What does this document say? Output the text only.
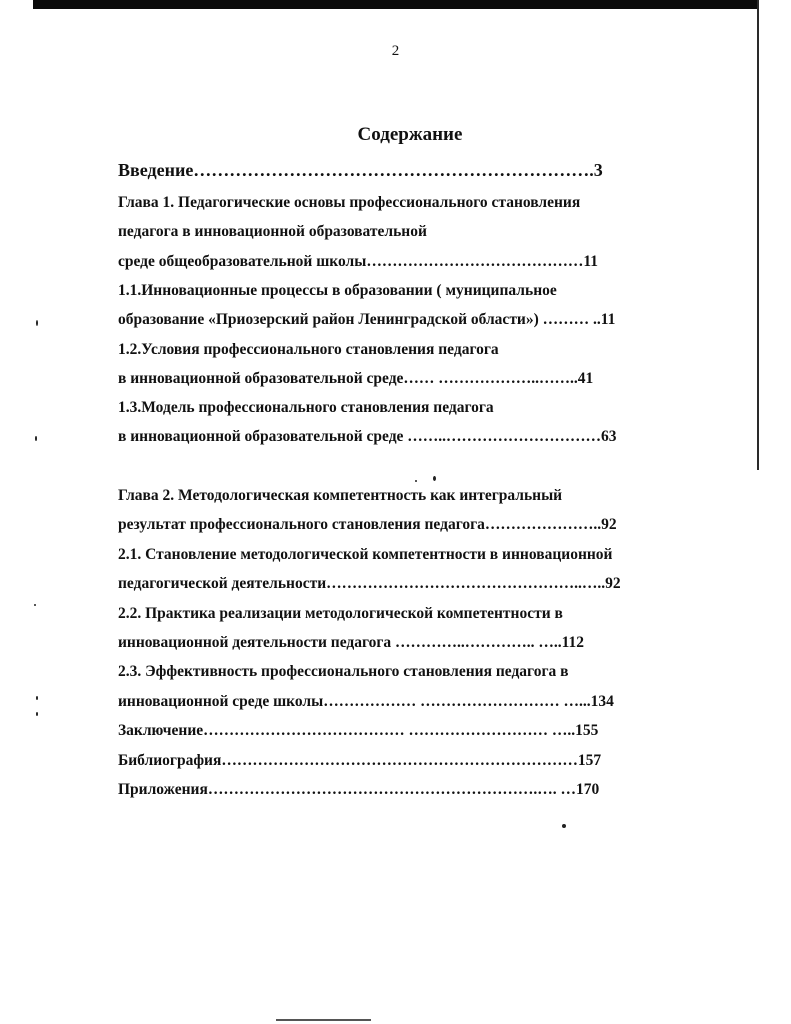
2
Содержание
Введение………………………………………………………….3
Глава 1. Педагогические основы профессионального становления
педагога в инновационной образовательной
среде общеобразовательной школы……………………………………11
1.1.Инновационные процессы в образовании ( муниципальное
образование «Приозерский район Ленинградской области») ……… ..11
1.2.Условия профессионального становления педагога
в инновационной образовательной среде…… ………………..……..41
1.3.Модель профессионального становления педагога
в инновационной образовательной среде ……..…………………………63
Глава 2. Методологическая компетентность как интегральный
результат профессионального становления педагога…………………..92
2.1. Становление методологической компетентности в инновационной
педагогической деятельности…………………………………………..…..92
2.2. Практика реализации методологической компетентности в
инновационной деятельности педагога …………..………….. …..112
2.3. Эффективность профессионального становления педагога в
инновационной среде школы……………… ……………………… …...134
Заключение………………………………… ……………………… …..155
Библиография……………………………………………………………157
Приложения……………………………………………………….…. …170
